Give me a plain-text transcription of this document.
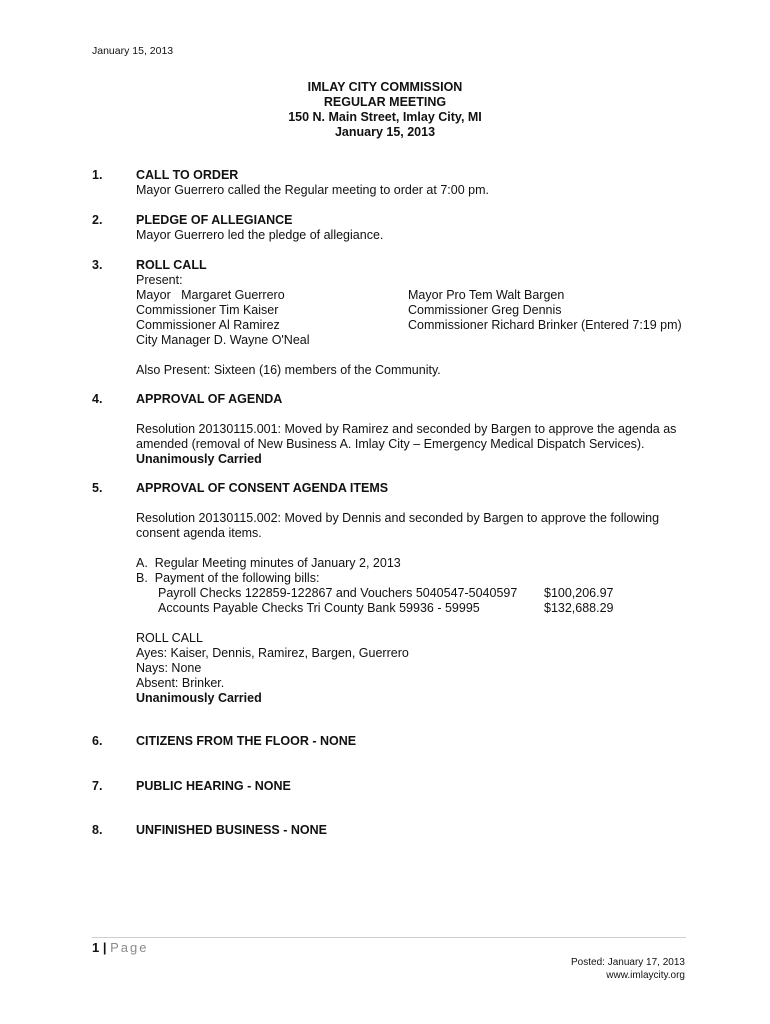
January 15, 2013
IMLAY CITY COMMISSION
REGULAR MEETING
150 N. Main Street, Imlay City, MI
January 15, 2013
1.	CALL TO ORDER
Mayor Guerrero called the Regular meeting to order at 7:00 pm.
2.	PLEDGE OF ALLEGIANCE
Mayor Guerrero led the pledge of allegiance.
3.	ROLL CALL
Present:
Mayor   Margaret Guerrero	Mayor Pro Tem Walt Bargen
Commissioner Tim Kaiser	Commissioner Greg Dennis
Commissioner Al Ramirez	Commissioner Richard Brinker (Entered 7:19 pm)
City Manager D. Wayne O'Neal
Also Present: Sixteen (16) members of the Community.
4.	APPROVAL OF AGENDA
Resolution 20130115.001: Moved by Ramirez and seconded by Bargen to approve the agenda as
amended (removal of New Business A. Imlay City – Emergency Medical Dispatch Services).
Unanimously Carried
5.	APPROVAL OF CONSENT AGENDA ITEMS
Resolution 20130115.002: Moved by Dennis and seconded by Bargen to approve the following
consent agenda items.
A.  Regular Meeting minutes of January 2, 2013
B.  Payment of the following bills:
Payroll Checks 122859-122867 and Vouchers 5040547-5040597 $100,206.97
Accounts Payable Checks Tri County Bank 59936 - 59995	$132,688.29
ROLL CALL
Ayes: Kaiser, Dennis, Ramirez, Bargen, Guerrero
Nays: None
Absent: Brinker.
Unanimously Carried
6.	CITIZENS FROM THE FLOOR - NONE
7.	PUBLIC HEARING - NONE
8.	UNFINISHED BUSINESS - NONE
1 | Page
Posted: January 17, 2013
www.imlaycity.org
